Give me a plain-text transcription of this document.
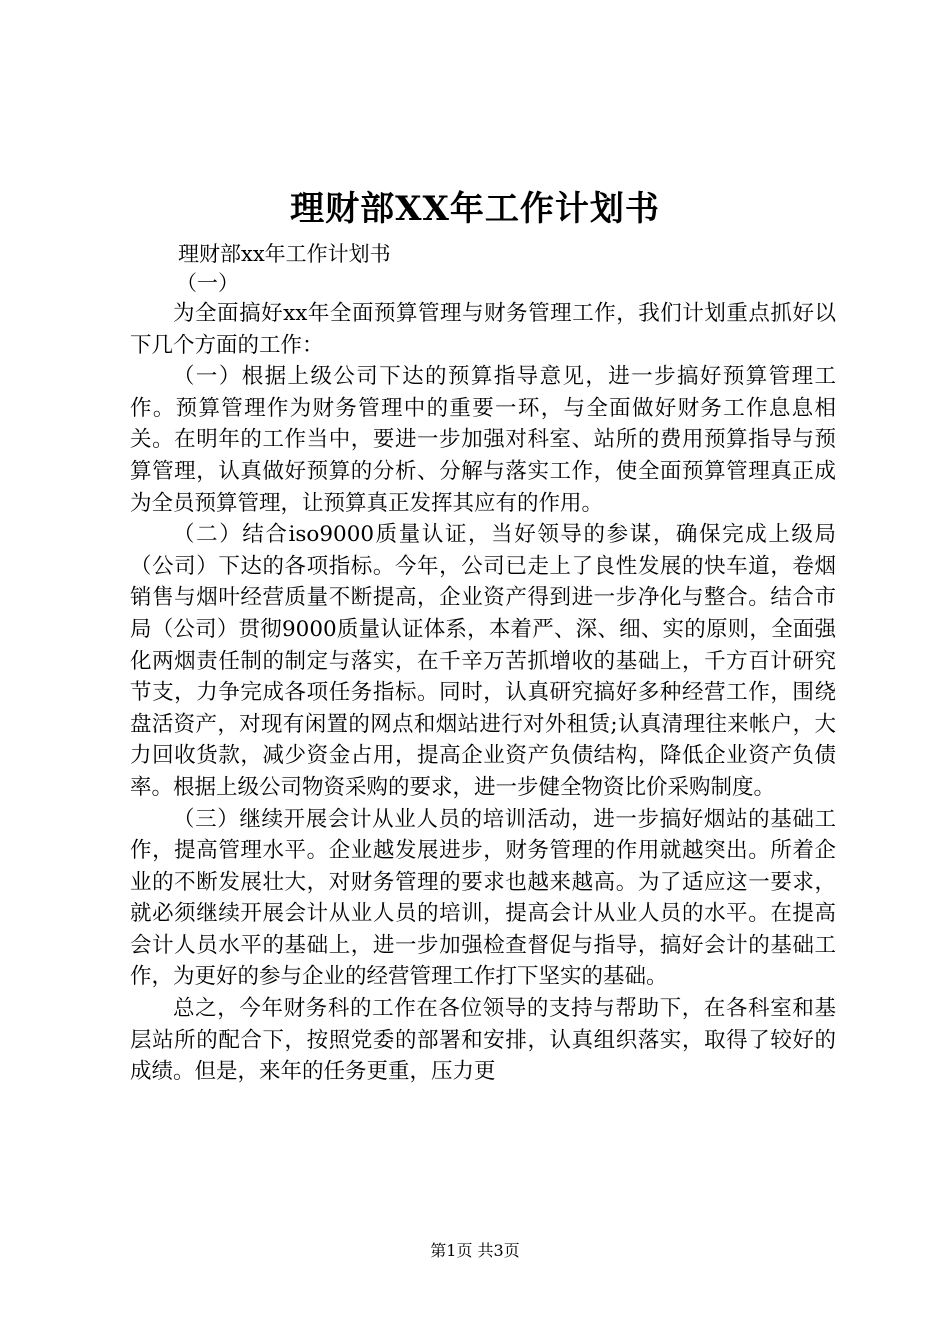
理财部XX年工作计划书
理财部xx年工作计划书
（一）

为全面搞好xx年全面预算管理与财务管理工作，我们计划重点抓好以下几个方面的工作：

（一）根据上级公司下达的预算指导意见，进一步搞好预算管理工作。预算管理作为财务管理中的重要一环，与全面做好财务工作息息相关。在明年的工作当中，要进一步加强对科室、站所的费用预算指导与预算管理，认真做好预算的分析、分解与落实工作，使全面预算管理真正成为全员预算管理，让预算真正发挥其应有的作用。

（二）结合iso9000质量认证，当好领导的参谋，确保完成上级局（公司）下达的各项指标。今年，公司已走上了良性发展的快车道，卷烟销售与烟叶经营质量不断提高，企业资产得到进一步净化与整合。结合市局（公司）贯彻9000质量认证体系，本着严、深、细、实的原则，全面强化两烟责任制的制定与落实，在千辛万苦抓增收的基础上，千方百计研究节支，力争完成各项任务指标。同时，认真研究搞好多种经营工作，围绕盘活资产，对现有闲置的网点和烟站进行对外租赁;认真清理往来帐户，大力回收货款，减少资金占用，提高企业资产负债结构，降低企业资产负债率。根据上级公司物资采购的要求，进一步健全物资比价采购制度。

（三）继续开展会计从业人员的培训活动，进一步搞好烟站的基础工作，提高管理水平。企业越发展进步，财务管理的作用就越突出。所着企业的不断发展壮大，对财务管理的要求也越来越高。为了适应这一要求，就必须继续开展会计从业人员的培训，提高会计从业人员的水平。在提高会计人员水平的基础上，进一步加强检查督促与指导，搞好会计的基础工作，为更好的参与企业的经营管理工作打下坚实的基础。

总之，今年财务科的工作在各位领导的支持与帮助下，在各科室和基层站所的配合下，按照党委的部署和安排，认真组织落实，取得了较好的成绩。但是，来年的任务更重，压力更

第1页 共3页
